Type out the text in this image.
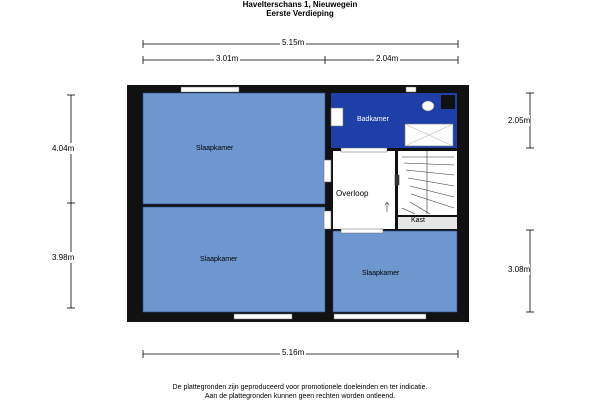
Havelterschans 1, Nieuwegein
Eerste Verdieping
5.15m
3.01m	2.04m
4.04m
3.98m
2.05m
3.08m
5.16m
Slaapkamer
Slaapkamer
Slaapkamer
Badkamer
Overloop
Kast
De plattegronden zijn geproduceerd voor promotionele doeleinden en ter indicatie.
Aan de plattegronden kunnen geen rechten worden ontleend.
